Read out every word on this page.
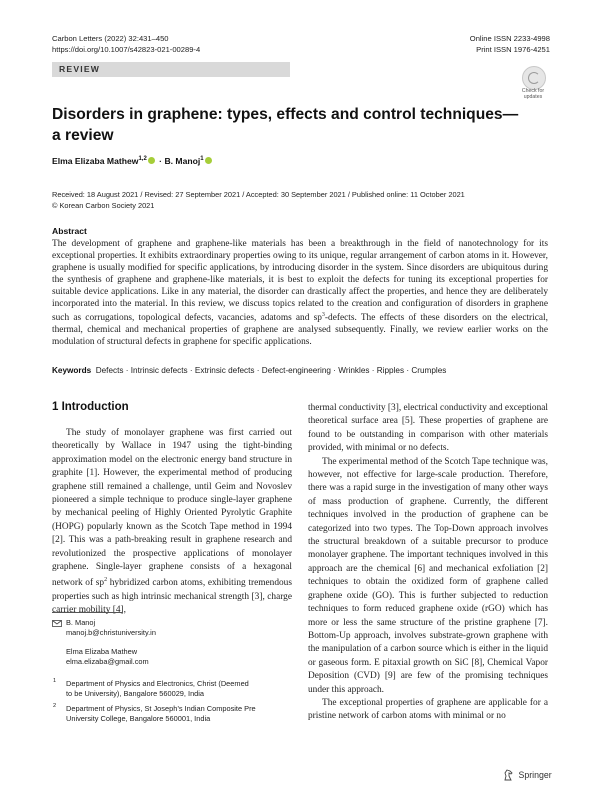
Carbon Letters (2022) 32:431–450
https://doi.org/10.1007/s42823-021-00289-4
Online ISSN 2233-4998
Print ISSN 1976-4251
REVIEW
Check for
updates
Disorders in graphene: types, effects and control techniques—a review
Elma Elizaba Mathew$^{1,2}$ · B. Manoj$^1$
Received: 18 August 2021 / Revised: 27 September 2021 / Accepted: 30 September 2021 / Published online: 11 October 2021
© Korean Carbon Society 2021
Abstract
The development of graphene and graphene-like materials has been a breakthrough in the field of nanotechnology for its exceptional properties. It exhibits extraordinary properties owing to its unique, regular arrangement of carbon atoms in it. However, graphene is usually modified for specific applications, by introducing disorder in the system. Since disorders are ubiquitous during the synthesis of graphene and graphene-like materials, it is best to exploit the defects for tuning its exceptional properties for suitable device applications. Like in any material, the disorder can drastically affect the properties, and hence they are deliberately incorporated into the material. In this review, we discuss topics related to the creation and configuration of disorders in graphene such as corrugations, topological defects, vacancies, adatoms and $sp^3$-defects. The effects of these disorders on the electrical, thermal, chemical and mechanical properties of graphene are analysed subsequently. Finally, we review earlier works on the modulation of structural defects in graphene for specific applications.
Keywords Defects · Intrinsic defects · Extrinsic defects · Defect-engineering · Wrinkles · Ripples · Crumples
1 Introduction

The study of monolayer graphene was first carried out theoretically by Wallace in 1947 using the tight-binding approximation model on the electronic energy band structure in graphite [1]. However, the experimental method of producing graphene still remained a challenge, until Geim and Novoslev pioneered a simple technique to produce single-layer graphene by mechanical peeling of Highly Oriented Pyrolytic Graphite (HOPG) popularly known as the Scotch Tape method in 1994 [2]. This was a path-breaking result in graphene research and revolutionized the prospective applications of monolayer graphene. Single-layer graphene consists of a hexagonal network of $sp^2$ hybridized carbon atoms, exhibiting tremendous properties such as high intrinsic mechanical strength [3], charge carrier mobility [4],

thermal conductivity [3], electrical conductivity and exceptional theoretical surface area [5]. These properties of graphene are found to be outstanding in comparison with other materials provided, with minimal or no defects.

The experimental method of the Scotch Tape technique was, however, not effective for large-scale production. Therefore, there was a rapid surge in the investigation of many other ways of mass production of graphene. Currently, the different techniques involved in the production of graphene can be categorized into two types. The Top-Down approach involves the structural breakdown of a suitable precursor to produce monolayer graphene. The important techniques involved in this approach are the chemical [6] and mechanical exfoliation [2] techniques to obtain the oxidized form of graphene called graphene oxide (GO). This is further subjected to reduction techniques to form reduced graphene oxide (rGO) which has more or less the same structure of the pristine graphene [7]. Bottom-Up approach, involves substrate-grown graphene with the manipulation of a carbon source which is either in the liquid or gaseous form. E pitaxial growth on SiC [8], Chemical Vapor Deposition (CVD) [9] are few of the promising techniques under this approach.

The exceptional properties of graphene are applicable for a pristine network of carbon atoms with minimal or no

B. Manoj
manoj.b@christuniversity.in
Elma Elizaba Mathew
elma.elizaba@gmail.com
1 Department of Physics and Electronics, Christ (Deemed
to be University), Bangalore 560029, India
2 Department of Physics, St Joseph’s Indian Composite Pre
University College, Bangalore 560001, India
Springer
